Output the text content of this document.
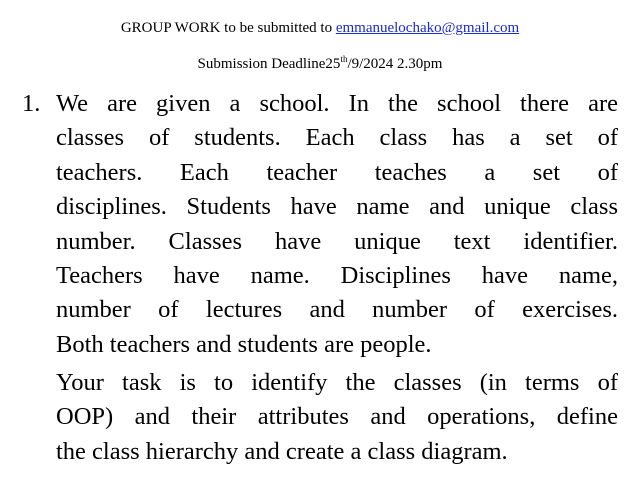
GROUP WORK to be submitted to emmanuelochako@gmail.com
Submission Deadline25th/9/2024 2.30pm
1. We are given a school. In the school there are
classes of students. Each class has a set of
teachers. Each teacher teaches a set of
disciplines. Students have name and unique class
number. Classes have unique text identifier.
Teachers have name. Disciplines have name,
number of lectures and number of exercises.
Both teachers and students are people.
Your task is to identify the classes (in terms of
OOP) and their attributes and operations, define
the class hierarchy and create a class diagram.
